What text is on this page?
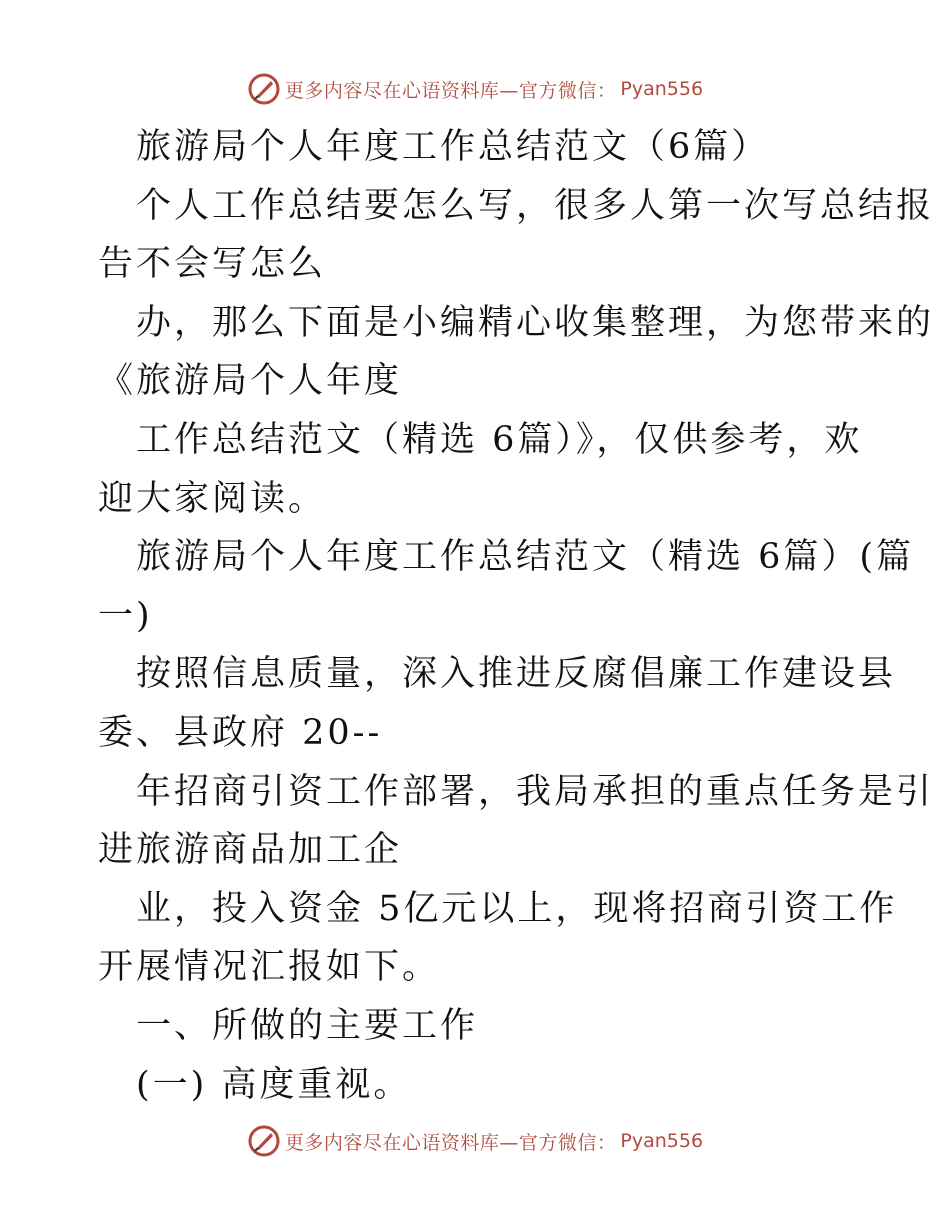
更多内容尽在心语资料库—官方微信： Pyan556

旅游局个人年度工作总结范文（6篇）

个人工作总结要怎么写，很多人第一次写总结报

告不会写怎么

办，那么下面是小编精心收集整理，为您带来的

《旅游局个人年度

工作总结范文（精选 6篇）》，仅供参考，欢

迎大家阅读。

旅游局个人年度工作总结范文（精选 6篇）(篇

一)

按照信息质量，深入推进反腐倡廉工作建设县

委、县政府 20--

年招商引资工作部署，我局承担的重点任务是引

进旅游商品加工企

业，投入资金 5亿元以上，现将招商引资工作

开展情况汇报如下。

一、所做的主要工作

(一) 高度重视。

更多内容尽在心语资料库—官方微信： Pyan556
